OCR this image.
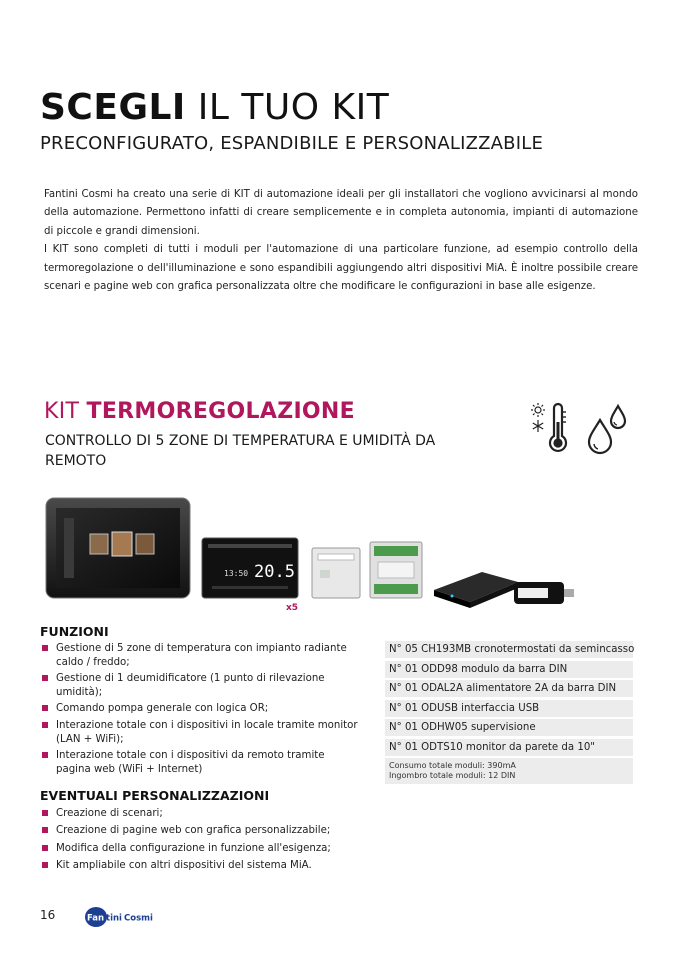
SCEGLI IL TUO KIT
PRECONFIGURATO, ESPANDIBILE E PERSONALIZZABILE

Fantini Cosmi ha creato una serie di KIT di automazione ideali per gli installatori che vogliono avvicinarsi al mondo della automazione. Permettono infatti di creare semplicemente e in completa autonomia, impianti di automazione di piccole e grandi dimensioni.

I KIT sono completi di tutti i moduli per l'automazione di una particolare funzione, ad esempio controllo della termoregolazione o dell'illuminazione e sono espandibili aggiungendo altri dispositivi MiA. È inoltre possibile creare scenari e pagine web con grafica personalizzata oltre che modificare le configurazioni in base alle esigenze.

KIT TERMOREGOLAZIONE
CONTROLLO DI 5 ZONE DI TEMPERATURA E UMIDITÀ DA REMOTO
13:50 20.5
x5
FUNZIONI
Gestione di 5 zone di temperatura con impianto radiante caldo / freddo;
Gestione di 1 deumidificatore (1 punto di rilevazione umidità);
Comando pompa generale con logica OR;
Interazione totale con i dispositivi in locale tramite monitor (LAN + WiFi);
Interazione totale con i dispositivi da remoto tramite pagina web (WiFi + Internet)
EVENTUALI PERSONALIZZAZIONI
Creazione di scenari;
Creazione di pagine web con grafica personalizzabile;
Modifica della configurazione in funzione all'esigenza;
Kit ampliabile con altri dispositivi del sistema MiA.
N° 05 CH193MB cronotermostati da semincasso
N° 01 ODD98 modulo da barra DIN
N° 01 ODAL2A alimentatore 2A da barra DIN
N° 01 ODUSB interfaccia USB
N° 01 ODHW05 supervisione
N° 01 ODTS10 monitor da parete da 10"
Consumo totale moduli: 390mA
Ingombro totale moduli: 12 DIN
16	Fan tini Cosmi
